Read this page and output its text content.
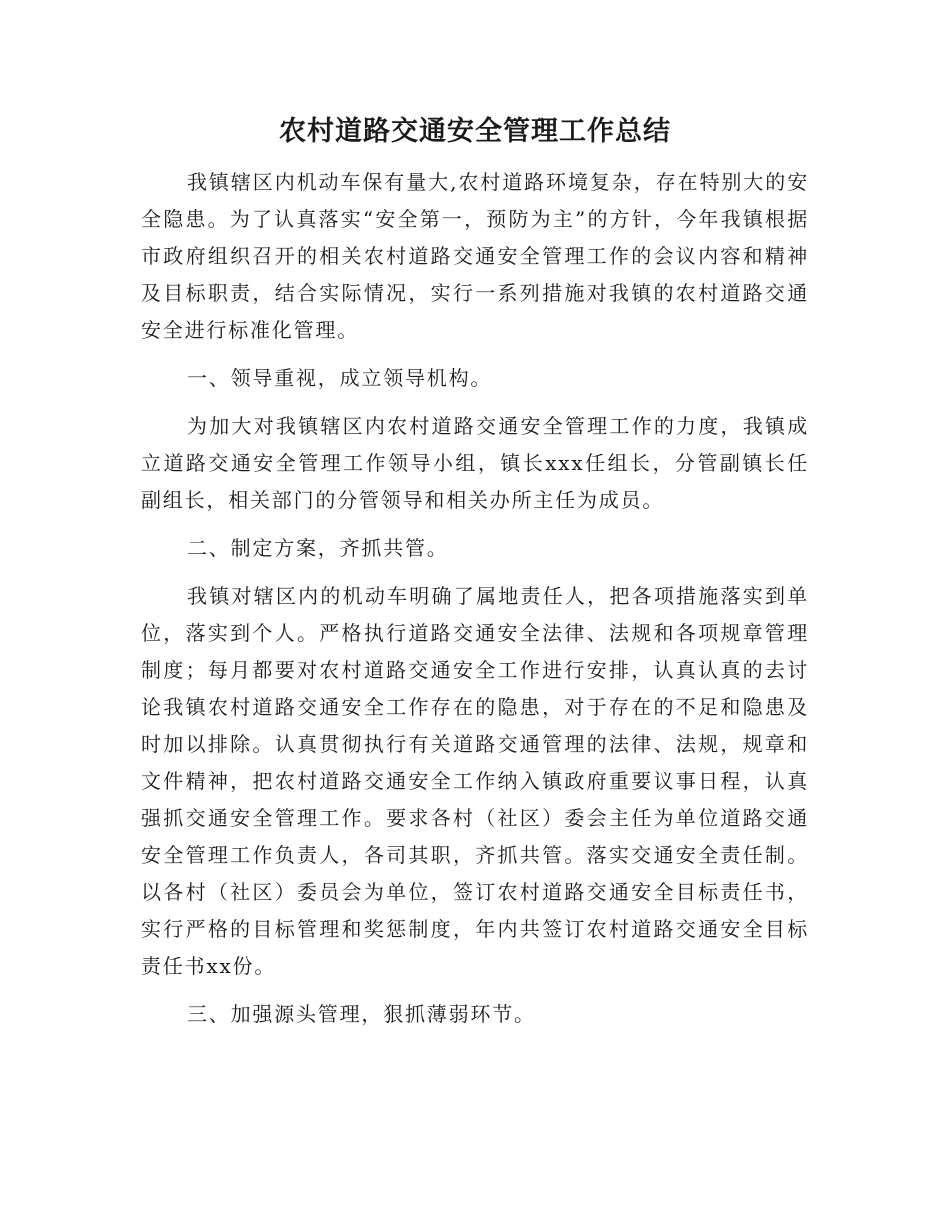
农村道路交通安全管理工作总结

我镇辖区内机动车保有量大,农村道路环境复杂，存在特别大的安全隐患。为了认真落实“安全第一，预防为主”的方针，今年我镇根据市政府组织召开的相关农村道路交通安全管理工作的会议内容和精神及目标职责，结合实际情况，实行一系列措施对我镇的农村道路交通安全进行标准化管理。

一、领导重视，成立领导机构。

为加大对我镇辖区内农村道路交通安全管理工作的力度，我镇成立道路交通安全管理工作领导小组，镇长xxx任组长，分管副镇长任副组长，相关部门的分管领导和相关办所主任为成员。

二、制定方案，齐抓共管。

我镇对辖区内的机动车明确了属地责任人，把各项措施落实到单位，落实到个人。严格执行道路交通安全法律、法规和各项规章管理制度；每月都要对农村道路交通安全工作进行安排，认真认真的去讨论我镇农村道路交通安全工作存在的隐患，对于存在的不足和隐患及时加以排除。认真贯彻执行有关道路交通管理的法律、法规，规章和文件精神，把农村道路交通安全工作纳入镇政府重要议事日程，认真强抓交通安全管理工作。要求各村（社区）委会主任为单位道路交通安全管理工作负责人，各司其职，齐抓共管。落实交通安全责任制。以各村（社区）委员会为单位，签订农村道路交通安全目标责任书，实行严格的目标管理和奖惩制度，年内共签订农村道路交通安全目标责任书xx份。

三、加强源头管理，狠抓薄弱环节。
